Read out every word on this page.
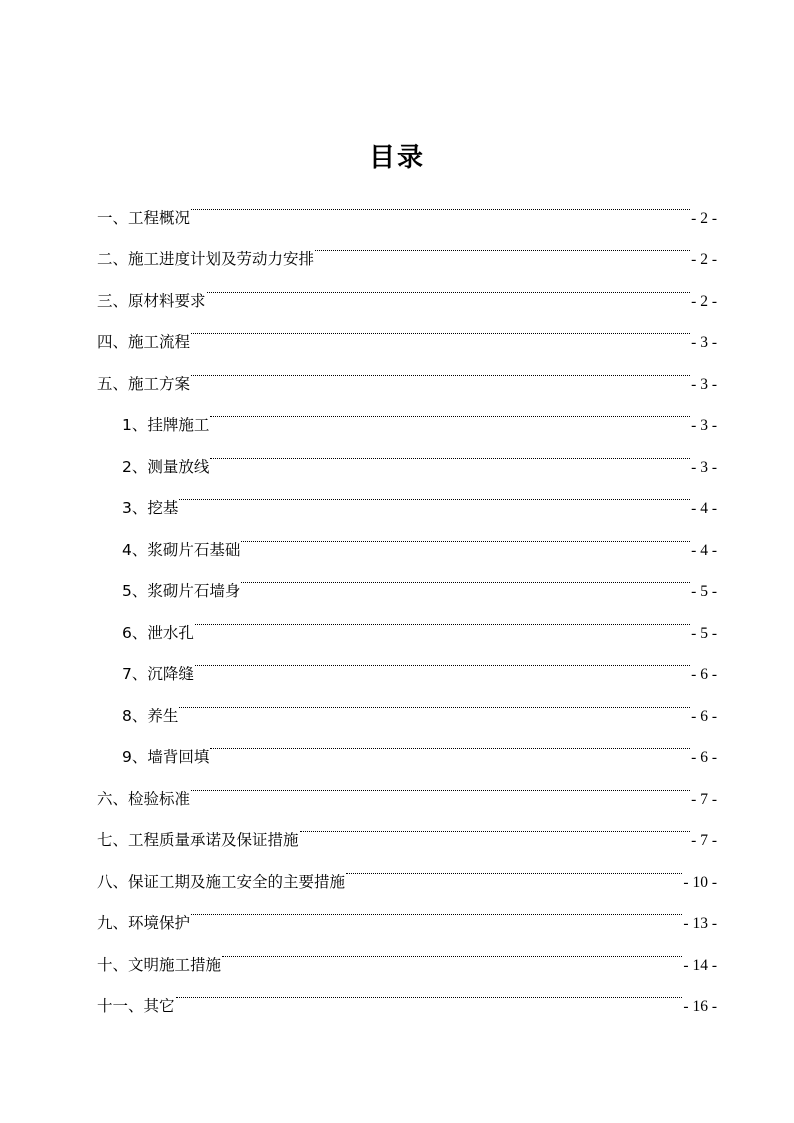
目录
一、工程概况	- 2 -
二、施工进度计划及劳动力安排	- 2 -
三、原材料要求	- 2 -
四、施工流程	- 3 -
五、施工方案	- 3 -
1、挂牌施工	- 3 -
2、测量放线	- 3 -
3、挖基	- 4 -
4、浆砌片石基础	- 4 -
5、浆砌片石墙身	- 5 -
6、泄水孔	- 5 -
7、沉降缝	- 6 -
8、养生	- 6 -
9、墙背回填	- 6 -
六、检验标准	- 7 -
七、工程质量承诺及保证措施	- 7 -
八、保证工期及施工安全的主要措施	- 10 -
九、环境保护	- 13 -
十、文明施工措施	- 14 -
十一、其它	- 16 -
